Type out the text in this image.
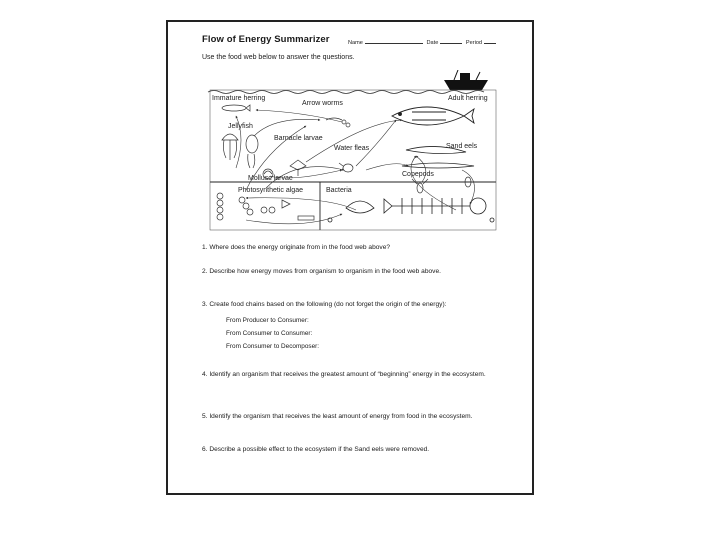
Flow of Energy Summarizer	Name	Date	Period
Use the food web below to answer the questions.
Immature herring
Arrow worms
Adult herring
Jellyfish
Barnacle larvae
Water fleas	Sand eels
Copepods
Mollusc larvae
Photosynthetic algae	Bacteria
1. Where does the energy originate from in the food web above?
2. Describe how energy moves from organism to organism in the food web above.
3. Create food chains based on the following (do not forget the origin of the energy):
From Producer to Consumer:
From Consumer to Consumer:
From Consumer to Decomposer:
4. Identify an organism that receives the greatest amount of “beginning” energy in the ecosystem.
5. Identify the organism that receives the least amount of energy from food in the ecosystem.
6. Describe a possible effect to the ecosystem if the Sand eels were removed.
